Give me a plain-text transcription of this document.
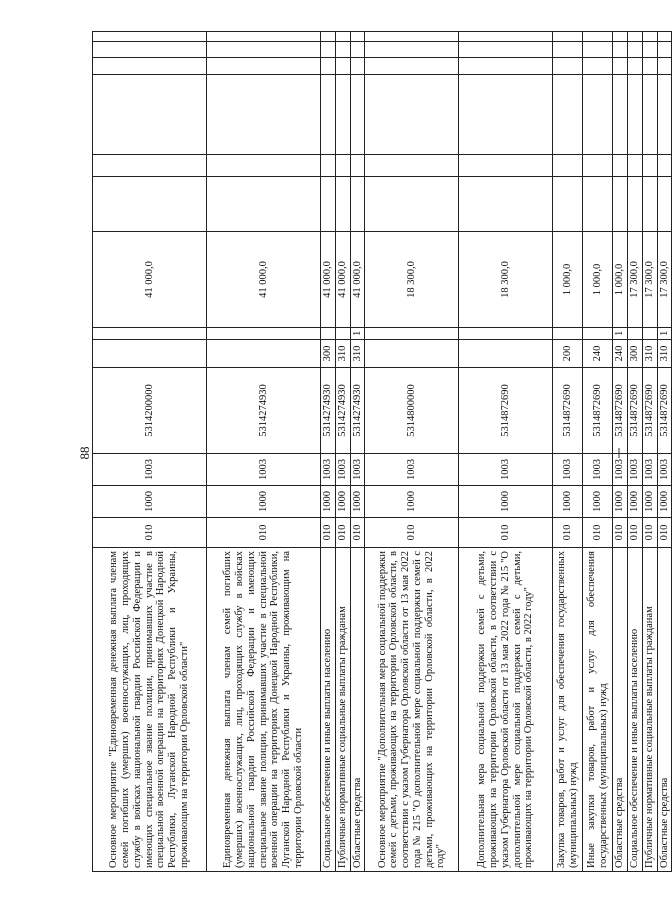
88
Основное мероприятие "Единовременная денежная выплата членам семей погибших (умерших) военнослужащих, лиц, проходящих службу в войсках национальной гвардии Российской Федерации и имеющих специальное звание полиции, принимавших участие в специальной военной операции на территориях Донецкой Народной Республики, Луганской Народной Республики и Украины, проживающим на территории Орловской области"	010	1000	1003	5314200000			41 000,0						
Единовременная денежная выплата членам семей погибших (умерших) военнослужащих, лиц, проходящих службу в войсках национальной гвардии Российской Федерации и имеющих специальное звание полиции, принимавших участие в специальной военной операции на территориях Донецкой Народной Республики, Луганской Народной Республики и Украины, проживающим на территории Орловской области	010	1000	1003	5314274930			41 000,0						
Социальное обеспечение и иные выплаты населению	010	1000	1003	5314274930	300		41 000,0						
Публичные нормативные социальные выплаты гражданам	010	1000	1003	5314274930	310		41 000,0						
Областные средства	010	1000	1003	5314274930	310	1	41 000,0						
Основное мероприятие "Дополнительная мера социальной поддержки семей с детьми, проживающих на территории Орловской области, в соответствии с указом Губернатора Орловской области от 13 мая 2022 года № 215 "О дополнительной мере социальной поддержки семей с детьми, проживающих на территории Орловской области, в 2022 году"	010	1000	1003	5314800000			18 300,0						
Дополнительная мера социальной поддержки семей с детьми, проживающих на территории Орловской области, в соответствии с указом Губернатора Орловской области от 13 мая 2022 года № 215 "О дополнительной мере социальной поддержки семей с детьми, проживающих на территории Орловской области, в 2022 году"	010	1000	1003	5314872690			18 300,0						
Закупка товаров, работ и услуг для обеспечения государственных (муниципальных) нужд	010	1000	1003	5314872690	200		1 000,0						
Иные закупки товаров, работ и услуг для обеспечения государственных (муниципальных) нужд	010	1000	1003	5314872690	240		1 000,0						
Областные средства	010	1000	1003	5314872690	240	1	1 000,0						
Социальное обеспечение и иные выплаты населению	010	1000	1003	5314872690	300		17 300,0						
Публичные нормативные социальные выплаты гражданам	010	1000	1003	5314872690	310		17 300,0						
Областные средства	010	1000	1003	5314872690	310	1	17 300,0						
